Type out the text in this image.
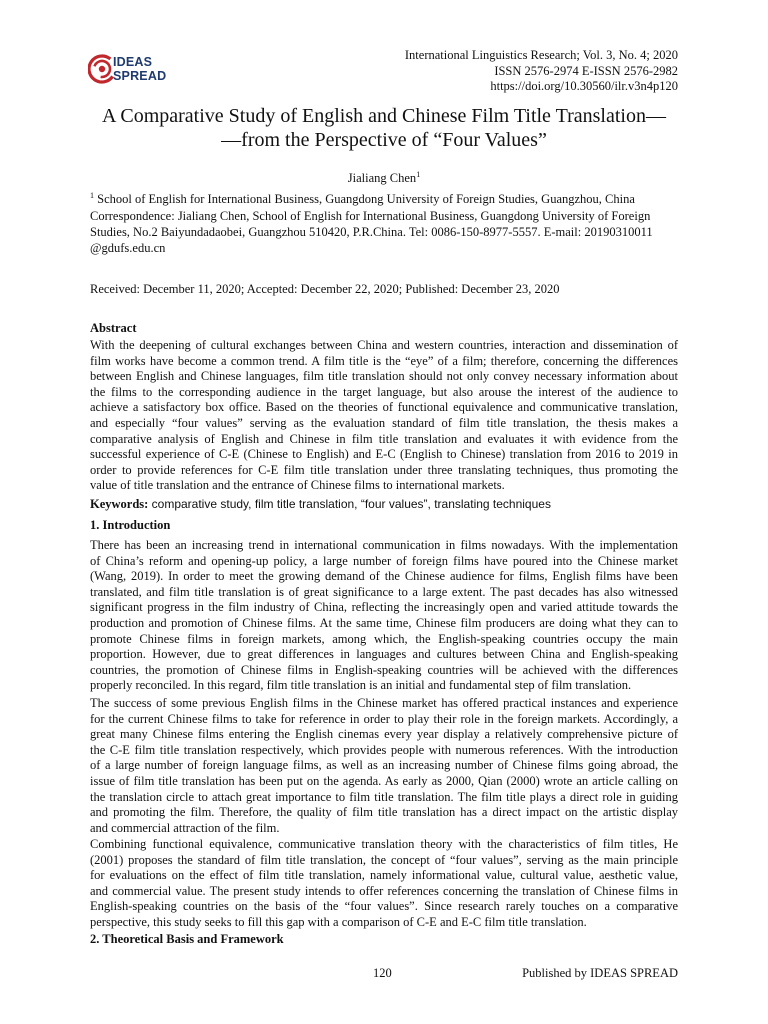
IDEAS
SPREAD
International Linguistics Research; Vol. 3, No. 4; 2020
ISSN 2576-2974 E-ISSN 2576-2982
https://doi.org/10.30560/ilr.v3n4p120
A Comparative Study of English and Chinese Film Title Translation—
—from the Perspective of “Four Values”
Jialiang Chen$^1$
$^1$ School of English for International Business, Guangdong University of Foreign Studies, Guangzhou, China
Correspondence: Jialiang Chen, School of English for International Business, Guangdong University of Foreign
Studies, No.2 Baiyundadaobei, Guangzhou 510420, P.R.China. Tel: 0086-150-8977-5557. E-mail: 20190310011
@gdufs.edu.cn
Received: December 11, 2020; Accepted: December 22, 2020; Published: December 23, 2020
Abstract
With the deepening of cultural exchanges between China and western countries, interaction and dissemination of
film works have become a common trend. A film title is the “eye” of a film; therefore, concerning the differences
between English and Chinese languages, film title translation should not only convey necessary information about
the films to the corresponding audience in the target language, but also arouse the interest of the audience to
achieve a satisfactory box office. Based on the theories of functional equivalence and communicative translation,
and especially “four values” serving as the evaluation standard of film title translation, the thesis makes a
comparative analysis of English and Chinese in film title translation and evaluates it with evidence from the
successful experience of C-E (Chinese to English) and E-C (English to Chinese) translation from 2016 to 2019 in
order to provide references for C-E film title translation under three translating techniques, thus promoting the
value of title translation and the entrance of Chinese films to international markets.
Keywords: comparative study, film title translation, “four values”, translating techniques
1. Introduction
There has been an increasing trend in international communication in films nowadays. With the implementation
of China’s reform and opening-up policy, a large number of foreign films have poured into the Chinese market
(Wang, 2019). In order to meet the growing demand of the Chinese audience for films, English films have been
translated, and film title translation is of great significance to a large extent. The past decades has also witnessed
significant progress in the film industry of China, reflecting the increasingly open and varied attitude towards the
production and promotion of Chinese films. At the same time, Chinese film producers are doing what they can to
promote Chinese films in foreign markets, among which, the English-speaking countries occupy the main
proportion. However, due to great differences in languages and cultures between China and English-speaking
countries, the promotion of Chinese films in English-speaking countries will be achieved with the differences
properly reconciled. In this regard, film title translation is an initial and fundamental step of film translation.
The success of some previous English films in the Chinese market has offered practical instances and experience
for the current Chinese films to take for reference in order to play their role in the foreign markets. Accordingly, a
great many Chinese films entering the English cinemas every year display a relatively comprehensive picture of
the C-E film title translation respectively, which provides people with numerous references. With the introduction
of a large number of foreign language films, as well as an increasing number of Chinese films going abroad, the
issue of film title translation has been put on the agenda. As early as 2000, Qian (2000) wrote an article calling on
the translation circle to attach great importance to film title translation. The film title plays a direct role in guiding
and promoting the film. Therefore, the quality of film title translation has a direct impact on the artistic display
and commercial attraction of the film.
Combining functional equivalence, communicative translation theory with the characteristics of film titles, He
(2001) proposes the standard of film title translation, the concept of “four values”, serving as the main principle
for evaluations on the effect of film title translation, namely informational value, cultural value, aesthetic value,
and commercial value. The present study intends to offer references concerning the translation of Chinese films in
English-speaking countries on the basis of the “four values”. Since research rarely touches on a comparative
perspective, this study seeks to fill this gap with a comparison of C-E and E-C film title translation.
2. Theoretical Basis and Framework
120	Published by IDEAS SPREAD
